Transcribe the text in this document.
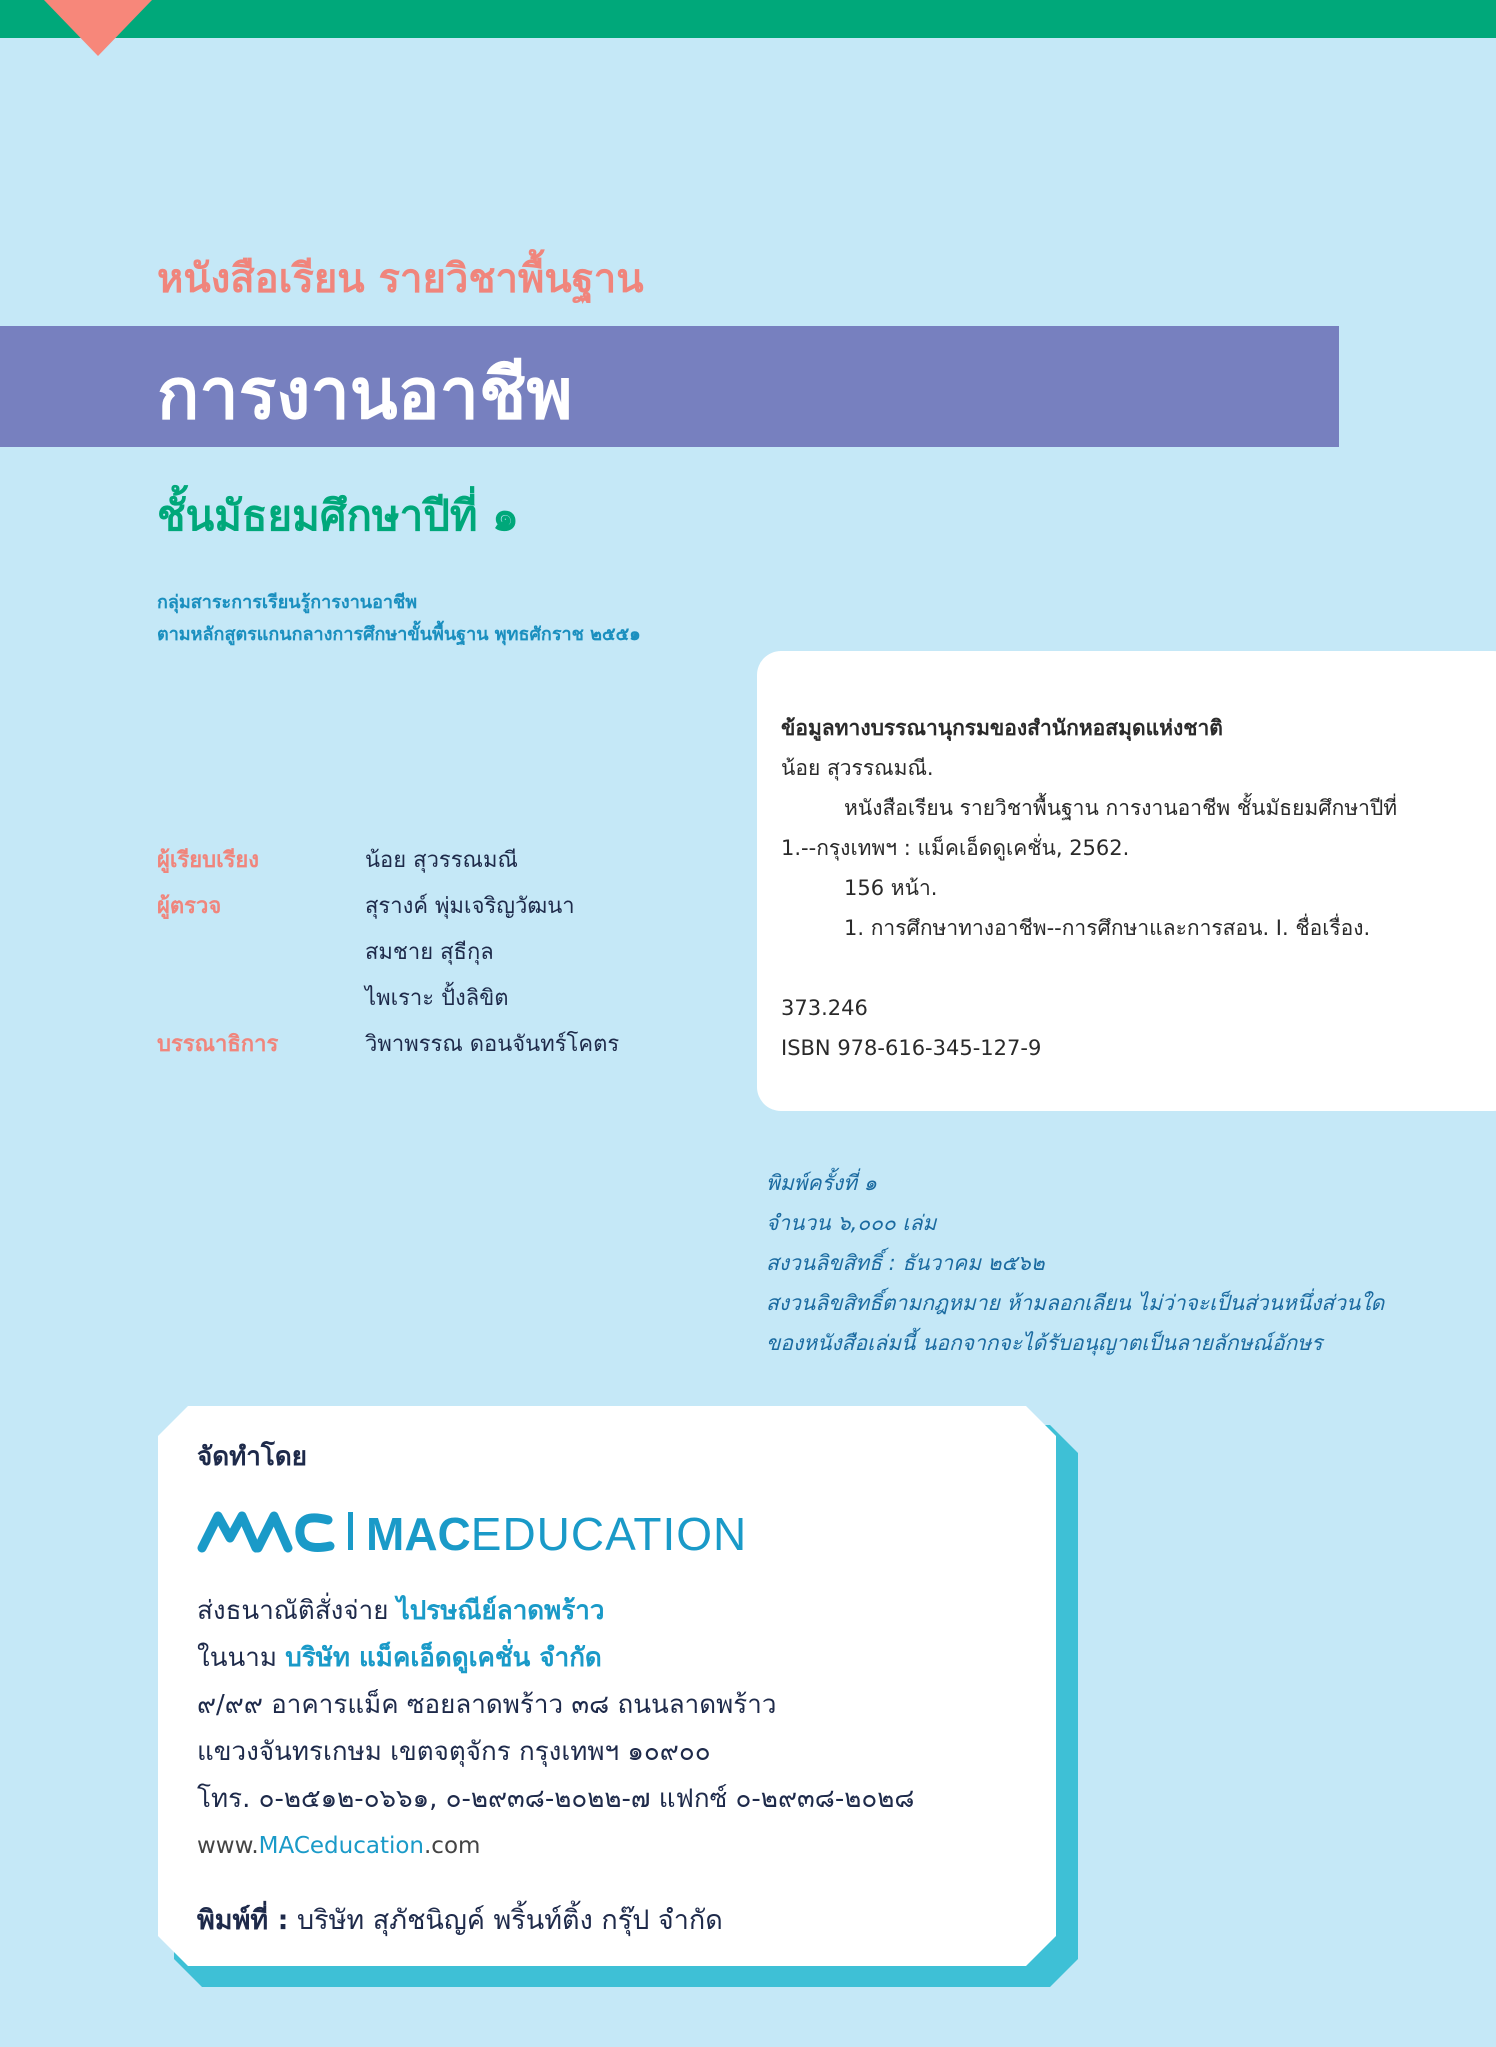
หนังสือเรียน รายวิชาพื้นฐาน
การงานอาชีพ
ชั้นมัธยมศึกษาปีที่ ๑
กลุ่มสาระการเรียนรู้การงานอาชีพ
ตามหลักสูตรแกนกลางการศึกษาขั้นพื้นฐาน พุทธศักราช ๒๕๕๑
ผู้เรียบเรียง	น้อย สุวรรณมณี
ผู้ตรวจ	สุรางค์ พุ่มเจริญวัฒนา
สมชาย สุธีกุล
ไพเราะ ปั้งลิขิต
บรรณาธิการ	วิพาพรรณ ดอนจันทร์โคตร
ข้อมูลทางบรรณานุกรมของสำนักหอสมุดแห่งชาติ
น้อย สุวรรณมณี.
หนังสือเรียน รายวิชาพื้นฐาน การงานอาชีพ ชั้นมัธยมศึกษาปีที่
1.--กรุงเทพฯ : แม็คเอ็ดดูเคชั่น, 2562.
156 หน้า.
1. การศึกษาทางอาชีพ--การศึกษาและการสอน. I. ชื่อเรื่อง.
373.246
ISBN 978-616-345-127-9
พิมพ์ครั้งที่ ๑
จำนวน ๖,๐๐๐ เล่ม
สงวนลิขสิทธิ์ : ธันวาคม ๒๕๖๒
สงวนลิขสิทธิ์ตามกฎหมาย ห้ามลอกเลียน ไม่ว่าจะเป็นส่วนหนึ่งส่วนใด
ของหนังสือเล่มนี้ นอกจากจะได้รับอนุญาตเป็นลายลักษณ์อักษร
จัดทำโดย
MACEDUCATION
ส่งธนาณัติสั่งจ่าย ไปรษณีย์ลาดพร้าว
ในนาม บริษัท แม็คเอ็ดดูเคชั่น จำกัด
๙/๙๙ อาคารแม็ค ซอยลาดพร้าว ๓๘ ถนนลาดพร้าว
แขวงจันทรเกษม เขตจตุจักร กรุงเทพฯ ๑๐๙๐๐
โทร. ๐-๒๕๑๒-๐๖๖๑, ๐-๒๙๓๘-๒๐๒๒-๗ แฟกซ์ ๐-๒๙๓๘-๒๐๒๘
www.MACeducation.com
พิมพ์ที่ : บริษัท สุภัชนิญค์ พริ้นท์ติ้ง กรุ๊ป จำกัด
